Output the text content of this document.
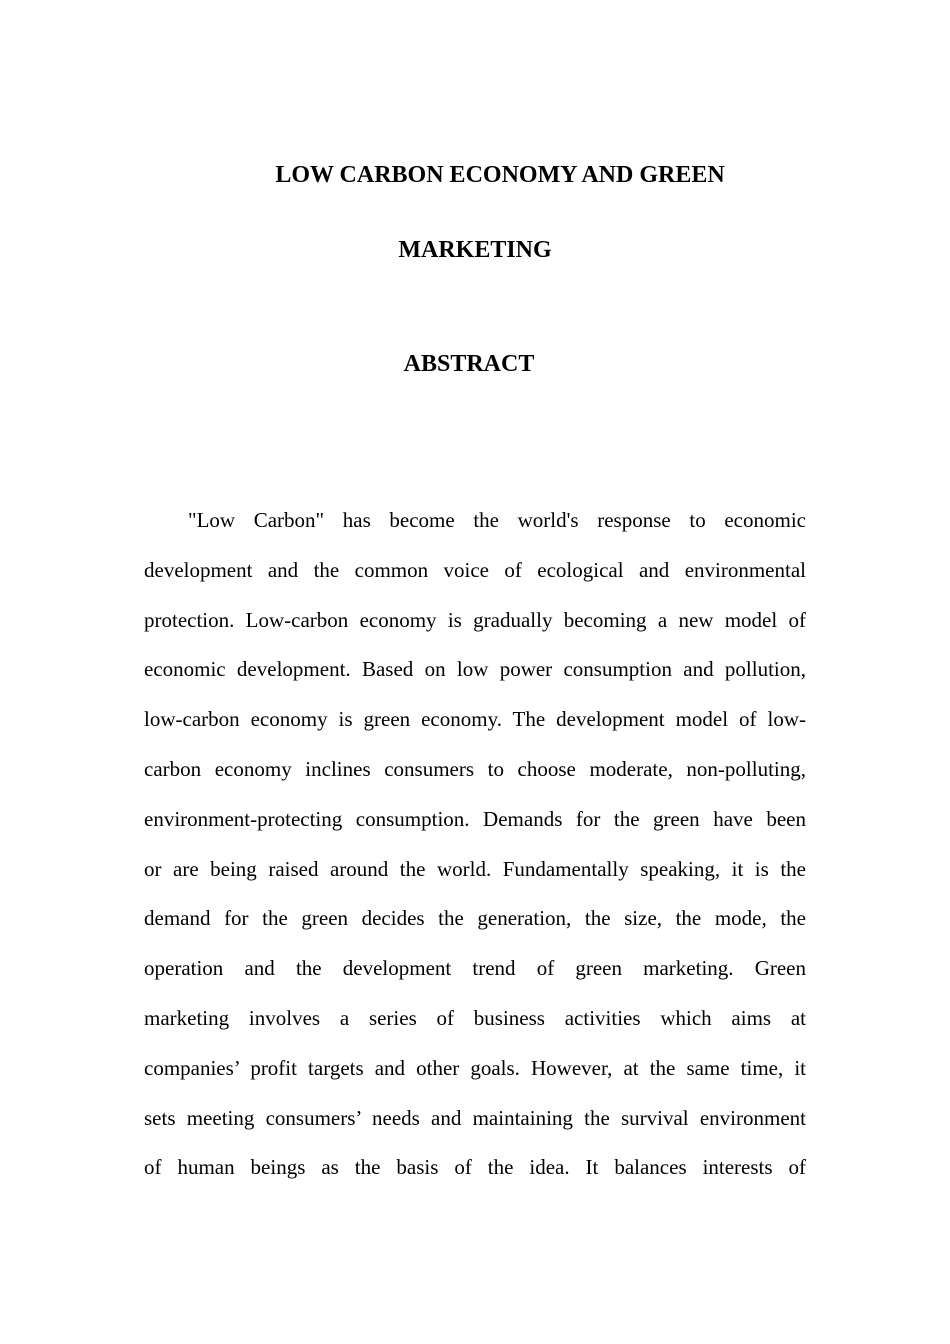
LOW CARBON ECONOMY AND GREEN
MARKETING
ABSTRACT
"Low Carbon" has become the world's response to economic
development and the common voice of ecological and environmental
protection. Low-carbon economy is gradually becoming a new model of
economic development. Based on low power consumption and pollution,
low-carbon economy is green economy. The development model of low-
carbon economy inclines consumers to choose moderate, non-polluting,
environment-protecting consumption. Demands for the green have been
or are being raised around the world. Fundamentally speaking, it is the
demand for the green decides the generation, the size, the mode, the
operation and the development trend of green marketing. Green
marketing involves a series of business activities which aims at
companies’ profit targets and other goals. However, at the same time, it
sets meeting consumers’ needs and maintaining the survival environment
of human beings as the basis of the idea. It balances interests of
